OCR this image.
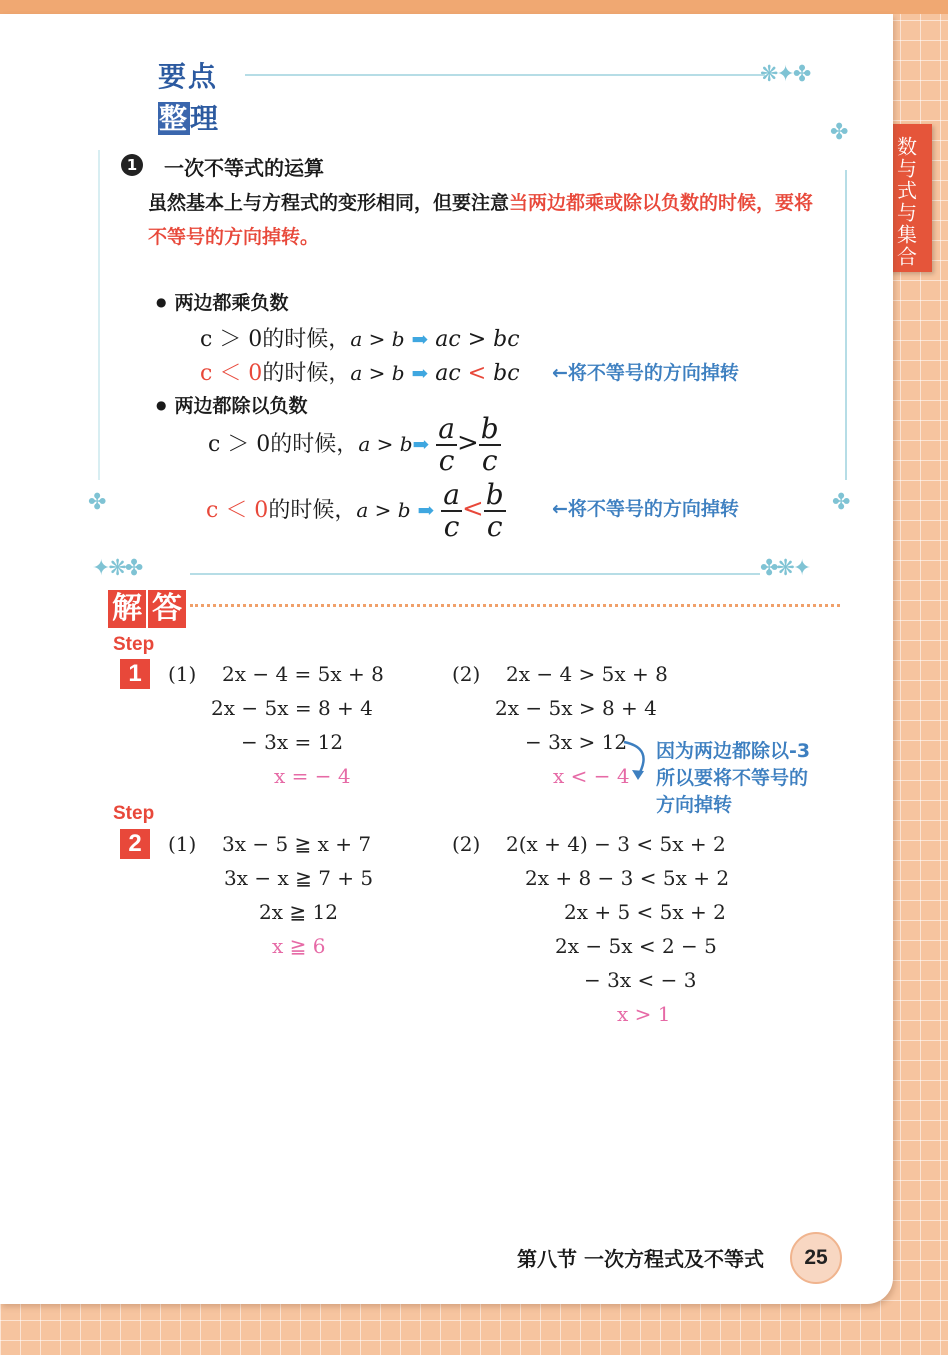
数与式与集合
❋✦✤
✤
✤	✤
✦❋✤	✤❋✦
要点
整理
1 一次不等式的运算
虽然基本上与方程式的变形相同，但要注意当两边都乘或除以负数的时候，要将不等号的方向掉转。
● 两边都乘负数
c ＞ 0的时候，a > b ➡ ac > bc
c ＜ 0的时候，a > b ➡ ac < bc ←将不等号的方向掉转
● 两边都除以负数
c ＞ 0的时候，a > b➡ $\frac{a}{c} > \frac{b}{c}$
c ＜ 0的时候，a > b ➡ $\frac{a}{c} < \frac{b}{c}$ ←将不等号的方向掉转
解 答
Step
1	(1) 2x − 4 = 5x + 8
2x − 5x = 8 + 4
− 3x = 12
x = − 4
(2) 2x − 4 > 5x + 8
2x − 5x > 8 + 4
− 3x > 12
x < − 4
因为两边都除以-3
所以要将不等号的
方向掉转
Step
2	(1) 3x − 5 ≧ x + 7
3x − x ≧ 7 + 5
2x ≧ 12
x ≧ 6
(2) 2(x + 4) − 3 < 5x + 2
2x + 8 − 3 < 5x + 2
2x + 5 < 5x + 2
2x − 5x < 2 − 5
− 3x < − 3
x > 1
第八节 一次方程式及不等式	25
